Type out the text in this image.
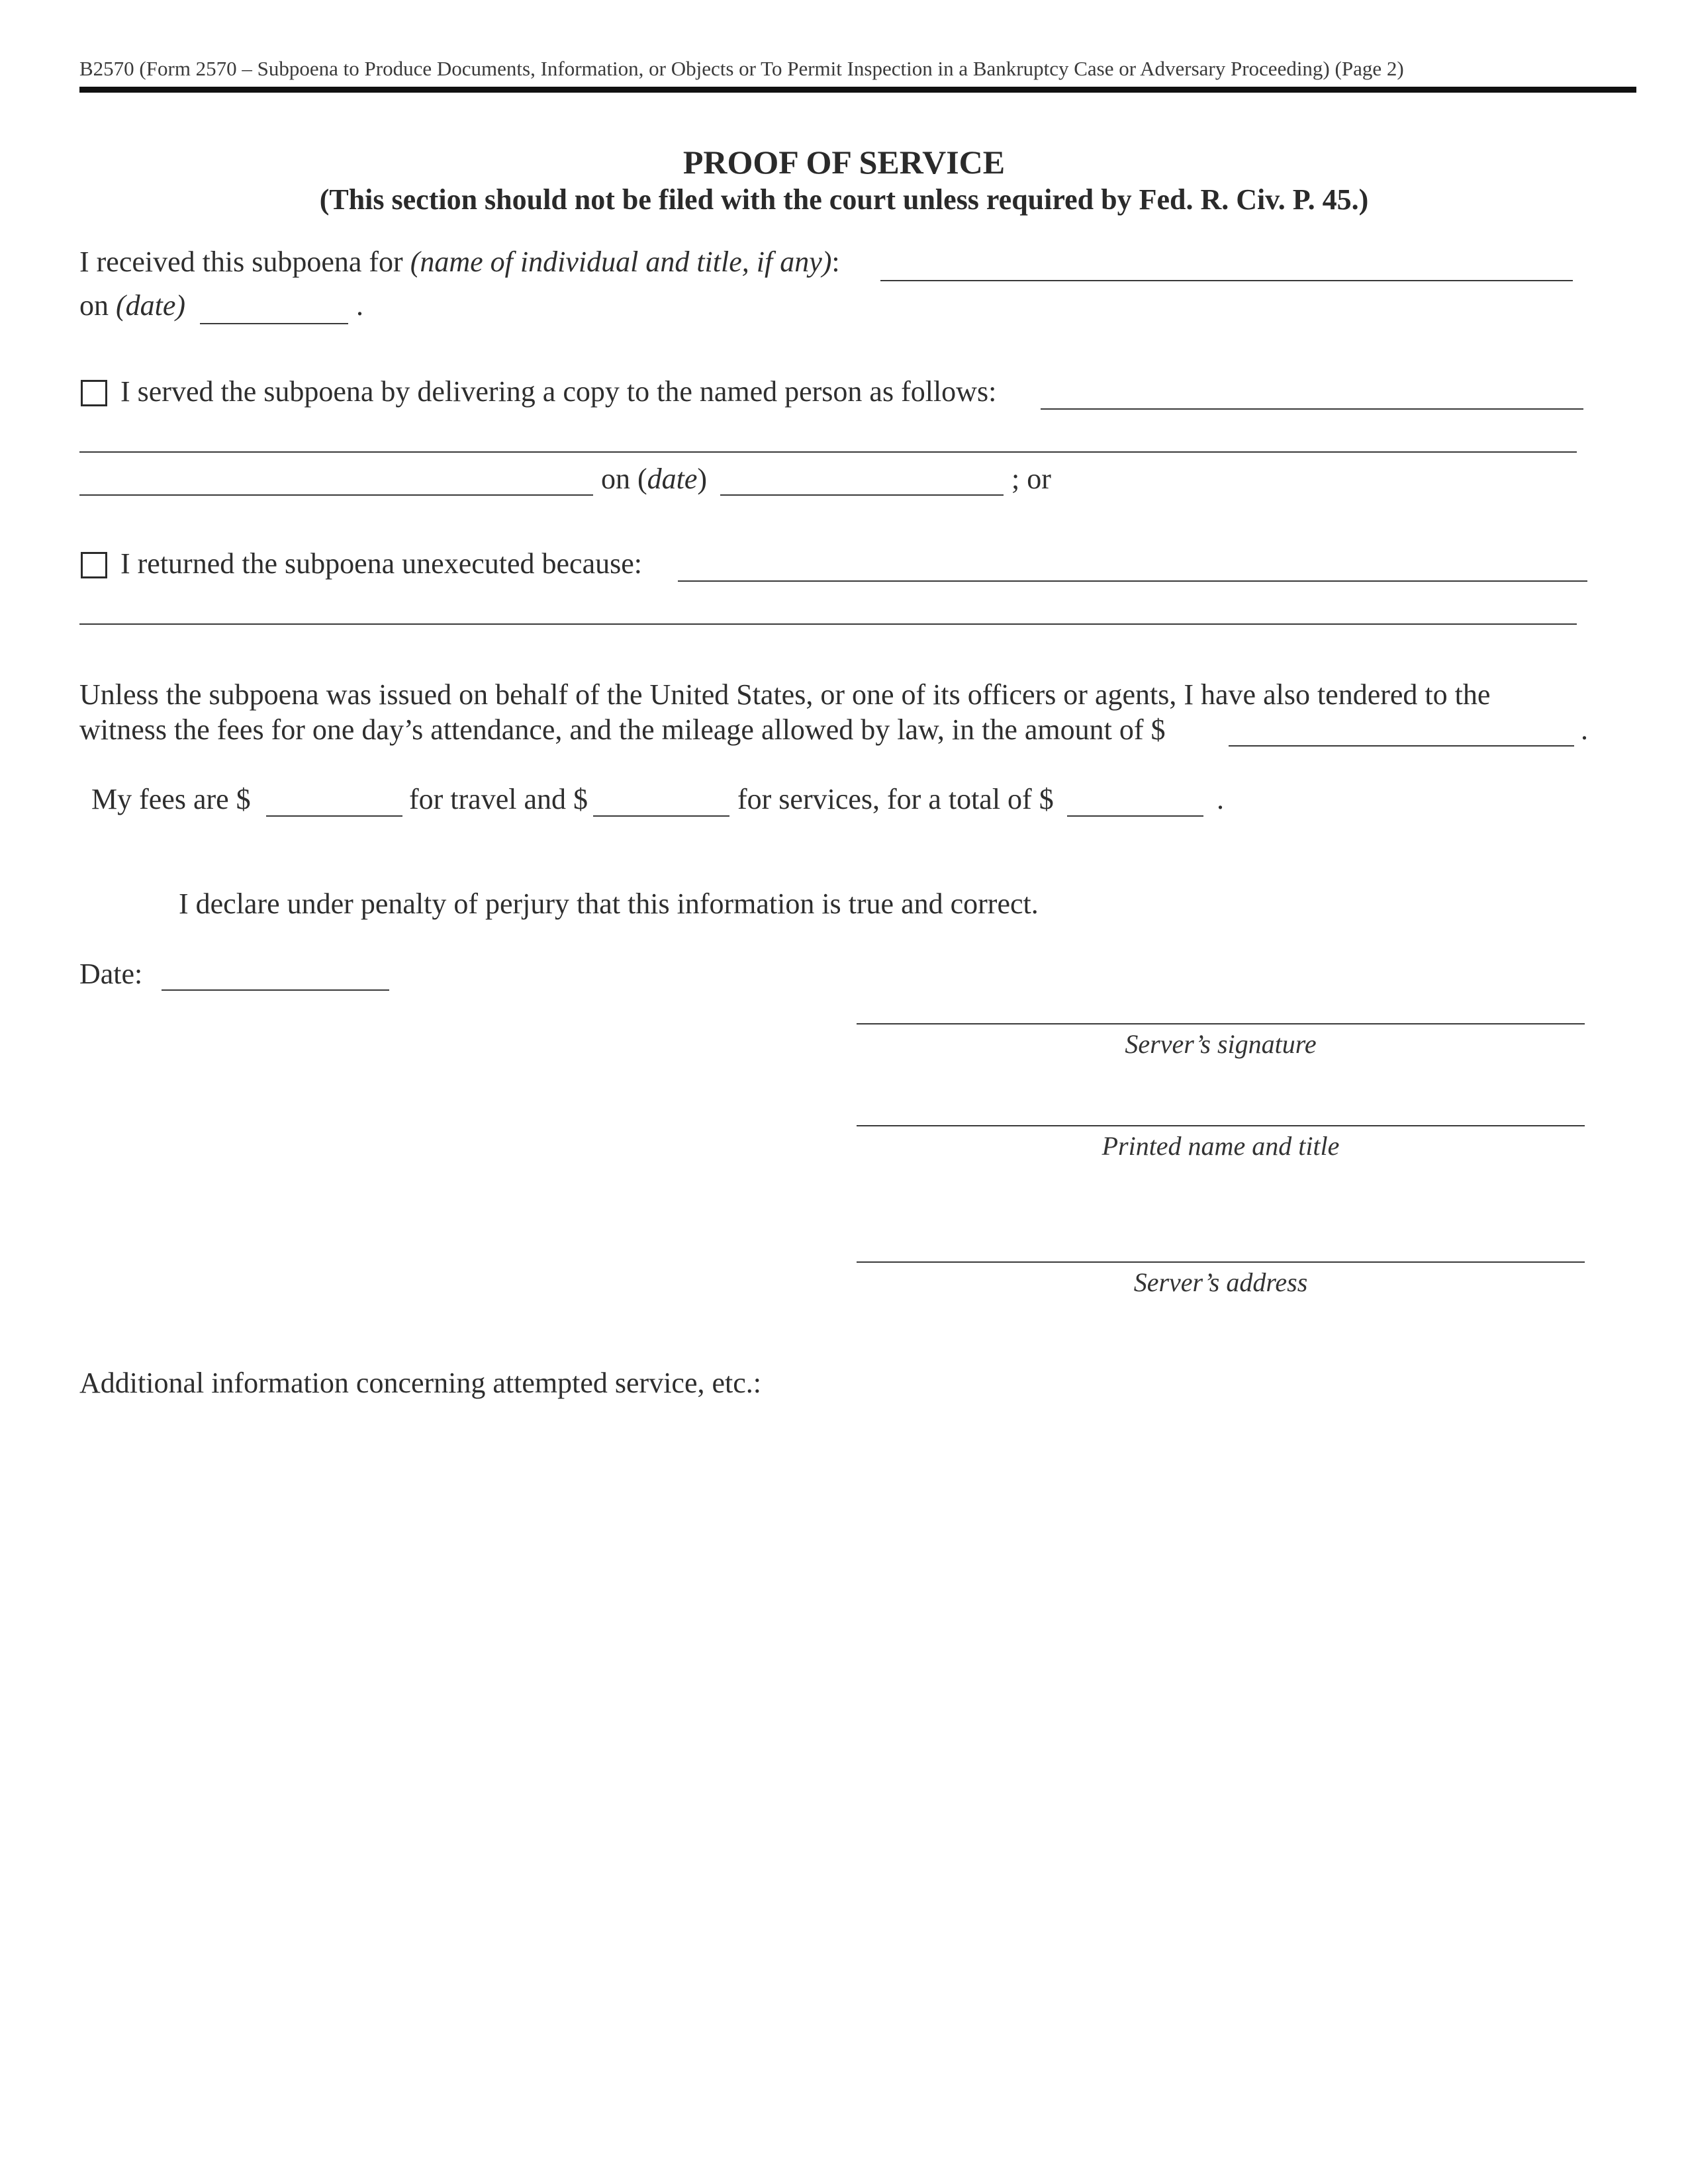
B2570 (Form 2570 – Subpoena to Produce Documents, Information, or Objects or To Permit Inspection in a Bankruptcy Case or Adversary Proceeding) (Page 2)
PROOF OF SERVICE
(This section should not be filed with the court unless required by Fed. R. Civ. P. 45.)
I received this subpoena for (name of individual and title, if any):
on (date)	.
I served the subpoena by delivering a copy to the named person as follows:
on (date)	; or
I returned the subpoena unexecuted because:
Unless the subpoena was issued on behalf of the United States, or one of its officers or agents, I have also tendered to the
witness the fees for one day’s attendance, and the mileage allowed by law, in the amount of $	.
My fees are $	for travel and $	for services, for a total of $	.
I declare under penalty of perjury that this information is true and correct.
Date:
Server’s signature
Printed name and title
Server’s address
Additional information concerning attempted service, etc.:
